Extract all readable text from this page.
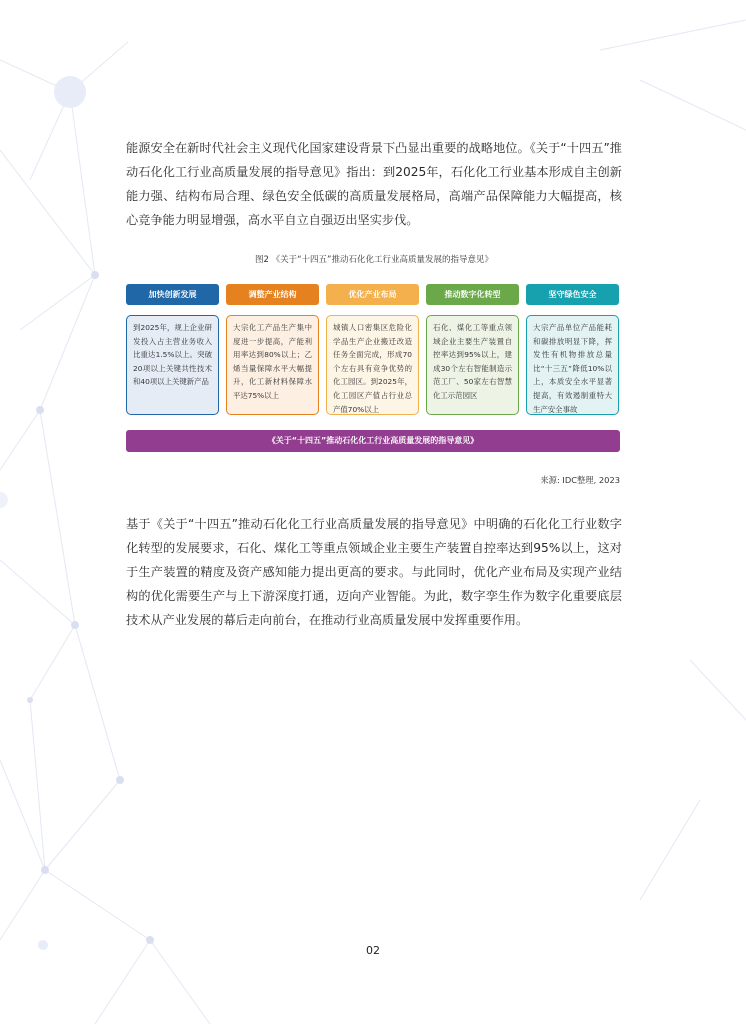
能源安全在新时代社会主义现代化国家建设背景下凸显出重要的战略地位。《关于“十四五”推动石化化工行业高质量发展的指导意见》指出：到2025年，石化化工行业基本形成自主创新能力强、结构布局合理、绿色安全低碳的高质量发展格局，高端产品保障能力大幅提高，核心竞争能力明显增强，高水平自立自强迈出坚实步伐。

图2 《关于“十四五”推动石化化工行业高质量发展的指导意见》
加快创新发展
到2025年，规上企业研发投入占主营业务收入比重达1.5%以上。突破20项以上关键共性技术和40项以上关键新产品
调整产业结构
大宗化工产品生产集中度进一步提高，产能利用率达到80%以上；乙烯当量保障水平大幅提升，化工新材料保障水平达75%以上
优化产业布局
城镇人口密集区危险化学品生产企业搬迁改造任务全面完成，形成70个左右具有竞争优势的化工园区。到2025年，化工园区产值占行业总产值70%以上
推动数字化转型
石化、煤化工等重点领域企业主要生产装置自控率达到95%以上，建成30个左右智能制造示范工厂、50家左右智慧化工示范园区
坚守绿色安全
大宗产品单位产品能耗和碳排放明显下降，挥发性有机物排放总量比“十三五”降低10%以上，本质安全水平显著提高，有效遏制重特大生产安全事故
《关于“十四五”推动石化化工行业高质量发展的指导意见》
来源: IDC整理, 2023

基于《关于“十四五”推动石化化工行业高质量发展的指导意见》中明确的石化化工行业数字化转型的发展要求，石化、煤化工等重点领域企业主要生产装置自控率达到95%以上，这对于生产装置的精度及资产感知能力提出更高的要求。与此同时，优化产业布局及实现产业结构的优化需要生产与上下游深度打通，迈向产业智能。为此，数字孪生作为数字化重要底层技术从产业发展的幕后走向前台，在推动行业高质量发展中发挥重要作用。

02
